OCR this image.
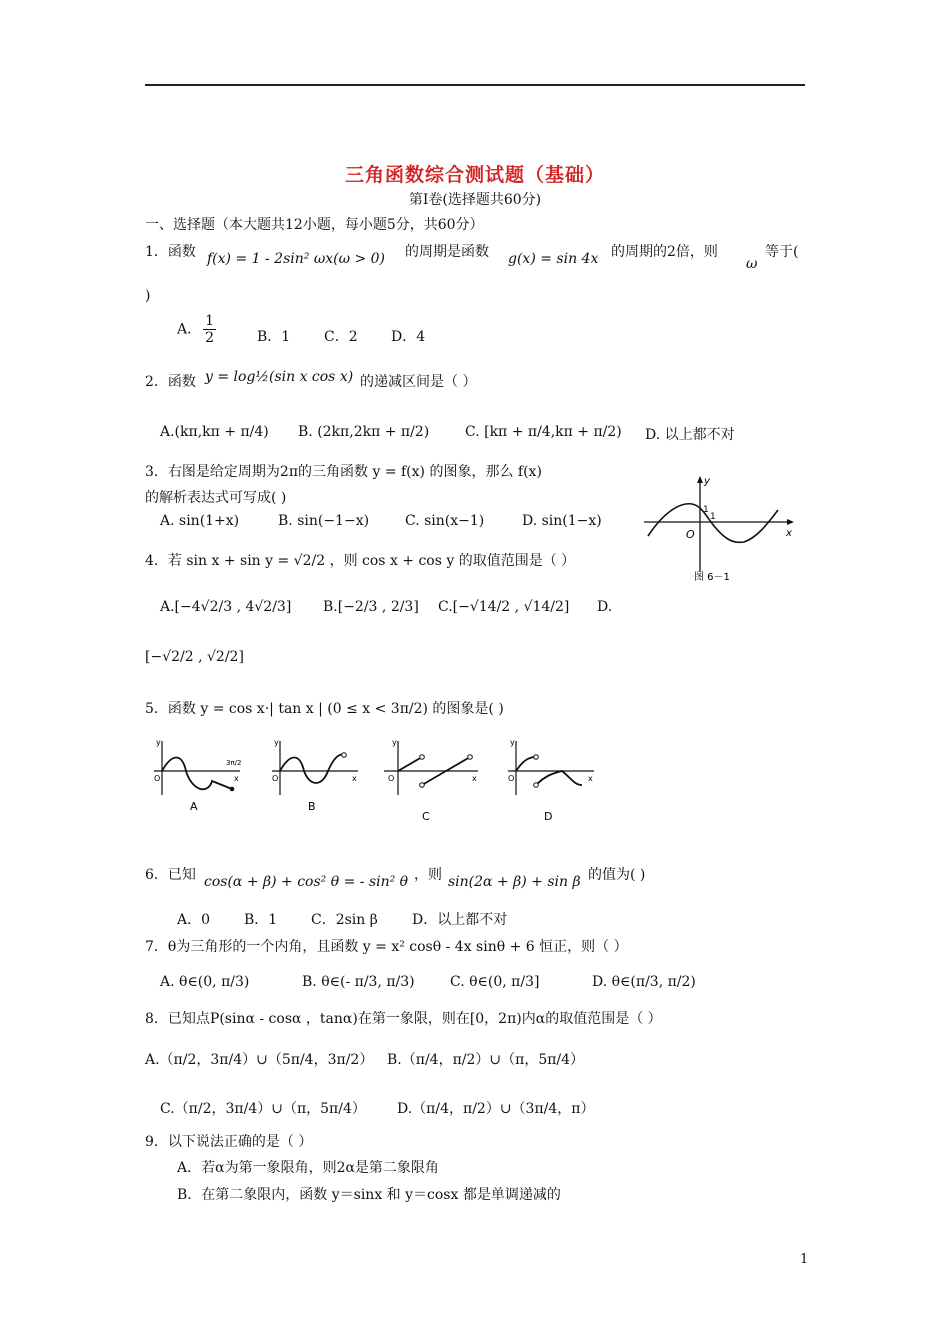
三角函数综合测试题（基础）
第I卷(选择题共60分)
一、选择题（本大题共12小题，每小题5分，共60分）
1．函数 f(x) = 1 - 2sin² ωx(ω > 0) 的周期是函数 g(x) = sin 4x 的周期的2倍，则
ω
等于(
)
A． $\frac{1}{2}$	B．1 C．2 D．4
2．函数 y = log½(sin x cos x) 的递减区间是（ ）
A.(kπ,kπ + π/4) B. (2kπ,2kπ + π/2)	C. [kπ + π/4,kπ + π/2) D. 以上都不对
3．右图是给定周期为2π的三角函数 y = f(x) 的图象，那么 f(x)
的解析表达式可写成( )
A. sin(1+x)	B. sin(−1−x)	C. sin(x−1)	D. sin(1−x)
y
x
O
1
1
图 6－1
4．若 sin x + sin y = √2/2 ，则 cos x + cos y 的取值范围是（ ）
A.[−4√2/3 , 4√2/3] B.[−2/3 , 2/3] C.[−√14/2 , √14/2] D.
[−√2/2 , √2/2]
5．函数 y = cos x·| tan x | (0 ≤ x < 3π/2) 的图象是( )
y
x
O
3π/2
A
y
x
O
B
y
x
O
C
y
x
O
D
6．已知 cos(α + β) + cos² θ = - sin² θ ，则 sin(2α + β) + sin β 的值为( )
A．0 B．1 C．2sin β D．以上都不对
7．θ为三角形的一个内角，且函数 y = x² cosθ - 4x sinθ + 6 恒正，则（ ）
A. θ∈(0, π/3)	B. θ∈(- π/3, π/3)	C. θ∈(0, π/3]	D. θ∈(π/3, π/2)
8．已知点P(sinα - cosα ，tanα)在第一象限，则在[0，2π)内α的取值范围是（ ）
A.（π/2，3π/4）∪（5π/4，3π/2） B.（π/4，π/2）∪（π，5π/4）
C.（π/2，3π/4）∪（π，5π/4） D.（π/4，π/2）∪（3π/4，π）
9．以下说法正确的是（ ）
A．若α为第一象限角，则2α是第二象限角
B．在第二象限内，函数 y＝sinx 和 y＝cosx 都是单调递减的
1
